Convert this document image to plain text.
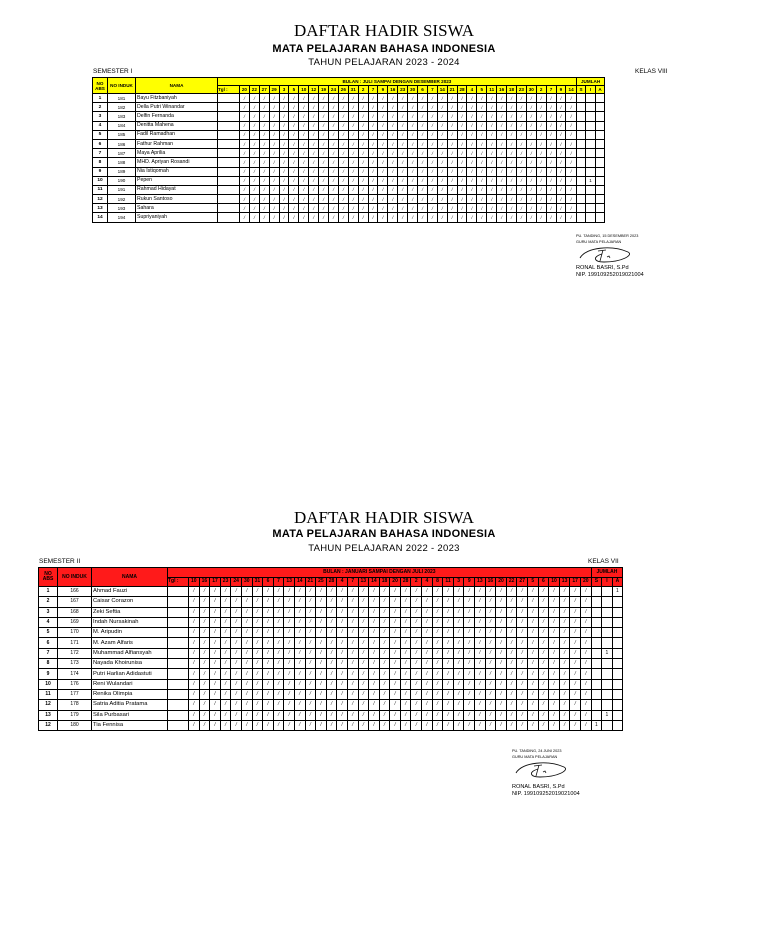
DAFTAR HADIR SISWA
MATA PELAJARAN BAHASA INDONESIA
TAHUN PELAJARAN 2023 - 2024
SEMESTER I	KELAS VIII
NO ABS	NO INDUK	NAMA	BULAN : JULI SAMPAI DENGAN DESEMBER 2023																																			JUMLAH		
			Tgl :	20	22	27	29	3	5	10	12	19	24	26	31	2	7	9	16	23	30	6	7	14	21	28	4	5	11	16	18	23	30	2	7	9	14	S	I	A
1	181	Bayu Fitzbaniyah		/	/	/	/	/	/	/	/	/	/	/	/	/	/	/	/	/	/	/	/	/	/	/	/	/	/	/	/	/	/	/	/	/	/			
2	182	Della Putri Winandar		/	/	/	/	/	/	/	/	/	/	/	/	/	/	/	/	/	/	/	/	/	/	/	/	/	/	/	/	/	/	/	/	/	/			
3	183	Delfin Fernanda		/	/	/	/	/	/	/	/	/	/	/	/	/	/	/	/	/	/	/	/	/	/	/	/	/	/	/	/	/	/	/	/	/	/			
4	184	Denitta Mahena		/	/	/	/	/	/	/	/	/	/	/	/	/	/	/	/	/	/	/	/	/	/	/	/	/	/	/	/	/	/	/	/	/	/			
5	185	Fadil Ramadhan		/	/	/	/	/	/	/	/	/	/	/	/	/	/	/	/	/	/	/	/	/	/	/	/	/	/	/	/	/	/	/	/	/	/			
6	186	Fathur Rahman		/	/	/	/	/	/	/	/	/	/	/	/	/	/	/	/	/	/	/	/	/	/	/	/	/	/	/	/	/	/	/	/	/	/			
7	187	Maya Aprilia		/	/	/	/	/	/	/	/	/	/	/	/	/	/	/	/	/	/	/	/	/	/	/	/	/	/	/	/	/	/	/	/	/	/			
8	188	MHD. Apriyan Rosandi		/	/	/	/	/	/	/	/	/	/	/	/	/	/	/	/	/	/	/	/	/	/	/	/	/	/	/	/	/	/	/	/	/	/			
9	189	Nia Istiqomah		/	/	/	/	/	/	/	/	/	/	/	/	/	/	/	/	/	/	/	/	/	/	/	/	/	/	/	/	/	/	/	/	/	/			
10	190	Pepen		/	/	/	/	/	/	/	/	/	/	/	/	/	/	/	/	/	/	/	/	/	/	/	/	/	/	/	/	/	/	/	/	/	/		1	
11	191	Rahmad Hidayat		/	/	/	/	/	/	/	/	/	/	/	/	/	/	/	/	/	/	/	/	/	/	/	/	/	/	/	/	/	/	/	/	/	/			
12	192	Rukun Santoso		/	/	/	/	/	/	/	/	/	/	/	/	/	/	/	/	/	/	/	/	/	/	/	/	/	/	/	/	/	/	/	/	/	/			
13	193	Sahara		/	/	/	/	/	/	/	/	/	/	/	/	/	/	/	/	/	/	/	/	/	/	/	/	/	/	/	/	/	/	/	/	/	/			
14	194	Supriyaniyah		/	/	/	/	/	/	/	/	/	/	/	/	/	/	/	/	/	/	/	/	/	/	/	/	/	/	/	/	/	/	/	/	/	/			
PU. TANDING, 15 DESEMBER 2023
GURU MATA PELAJARAN
RONAL BASRI, S.Pd
NIP. 199109252019021004
DAFTAR HADIR SISWA
MATA PELAJARAN BAHASA INDONESIA
TAHUN PELAJARAN 2022 - 2023
SEMESTER II	KELAS VII
NO ABS	NO INDUK	NAMA	BULAN : JANUARI SAMPAI DENGAN JULI 2023																																							JUMLAH		
			Tgl :	10	16	17	23	24	30	31	6	7	13	14	21	25	28	4	7	13	14	18	20	28	2	4	8	11	3	9	13	16	20	22	27	5	6	10	13	17	20	S	I	A
1	166	Ahmad Fauzi		/	/	/	/	/	/	/	/	/	/	/	/	/	/	/	/	/	/	/	/	/	/	/	/	/	/	/	/	/	/	/	/	/	/	/	/	/	/			1
2	167	Caisar Corazon		/	/	/	/	/	/	/	/	/	/	/	/	/	/	/	/	/	/	/	/	/	/	/	/	/	/	/	/	/	/	/	/	/	/	/	/	/	/			
3	168	Zeki Seftia		/	/	/	/	/	/	/	/	/	/	/	/	/	/	/	/	/	/	/	/	/	/	/	/	/	/	/	/	/	/	/	/	/	/	/	/	/	/			
4	169	Indah Nursakinah		/	/	/	/	/	/	/	/	/	/	/	/	/	/	/	/	/	/	/	/	/	/	/	/	/	/	/	/	/	/	/	/	/	/	/	/	/	/			
5	170	M. Aripudin		/	/	/	/	/	/	/	/	/	/	/	/	/	/	/	/	/	/	/	/	/	/	/	/	/	/	/	/	/	/	/	/	/	/	/	/	/	/			
6	171	M. Azam Alfaris		/	/	/	/	/	/	/	/	/	/	/	/	/	/	/	/	/	/	/	/	/	/	/	/	/	/	/	/	/	/	/	/	/	/	/	/	/	/			
7	172	Muhammad Alfiansyah		/	/	/	/	/	/	/	/	/	/	/	/	/	/	/	/	/	/	/	/	/	/	/	/	/	/	/	/	/	/	/	/	/	/	/	/	/	/		1	
8	173	Nayada Khoirunisa		/	/	/	/	/	/	/	/	/	/	/	/	/	/	/	/	/	/	/	/	/	/	/	/	/	/	/	/	/	/	/	/	/	/	/	/	/	/			
9	174	Putri Harlian Adidastuti		/	/	/	/	/	/	/	/	/	/	/	/	/	/	/	/	/	/	/	/	/	/	/	/	/	/	/	/	/	/	/	/	/	/	/	/	/	/			
10	176	Reni Wulandari		/	/	/	/	/	/	/	/	/	/	/	/	/	/	/	/	/	/	/	/	/	/	/	/	/	/	/	/	/	/	/	/	/	/	/	/	/	/			
11	177	Renika Olimpia		/	/	/	/	/	/	/	/	/	/	/	/	/	/	/	/	/	/	/	/	/	/	/	/	/	/	/	/	/	/	/	/	/	/	/	/	/	/			
12	178	Satria Aditia Pratama		/	/	/	/	/	/	/	/	/	/	/	/	/	/	/	/	/	/	/	/	/	/	/	/	/	/	/	/	/	/	/	/	/	/	/	/	/	/			
13	179	Sila Purbasari		/	/	/	/	/	/	/	/	/	/	/	/	/	/	/	/	/	/	/	/	/	/	/	/	/	/	/	/	/	/	/	/	/	/	/	/	/	/		1	
12	180	Tia Fennisa		/	/	/	/	/	/	/	/	/	/	/	/	/	/	/	/	/	/	/	/	/	/	/	/	/	/	/	/	/	/	/	/	/	/	/	/	/	/	1		
PU. TANDING, 24 JUNI 2023
GURU MATA PELAJARAN
RONAL BASRI, S.Pd
NIP. 199109252019021004
